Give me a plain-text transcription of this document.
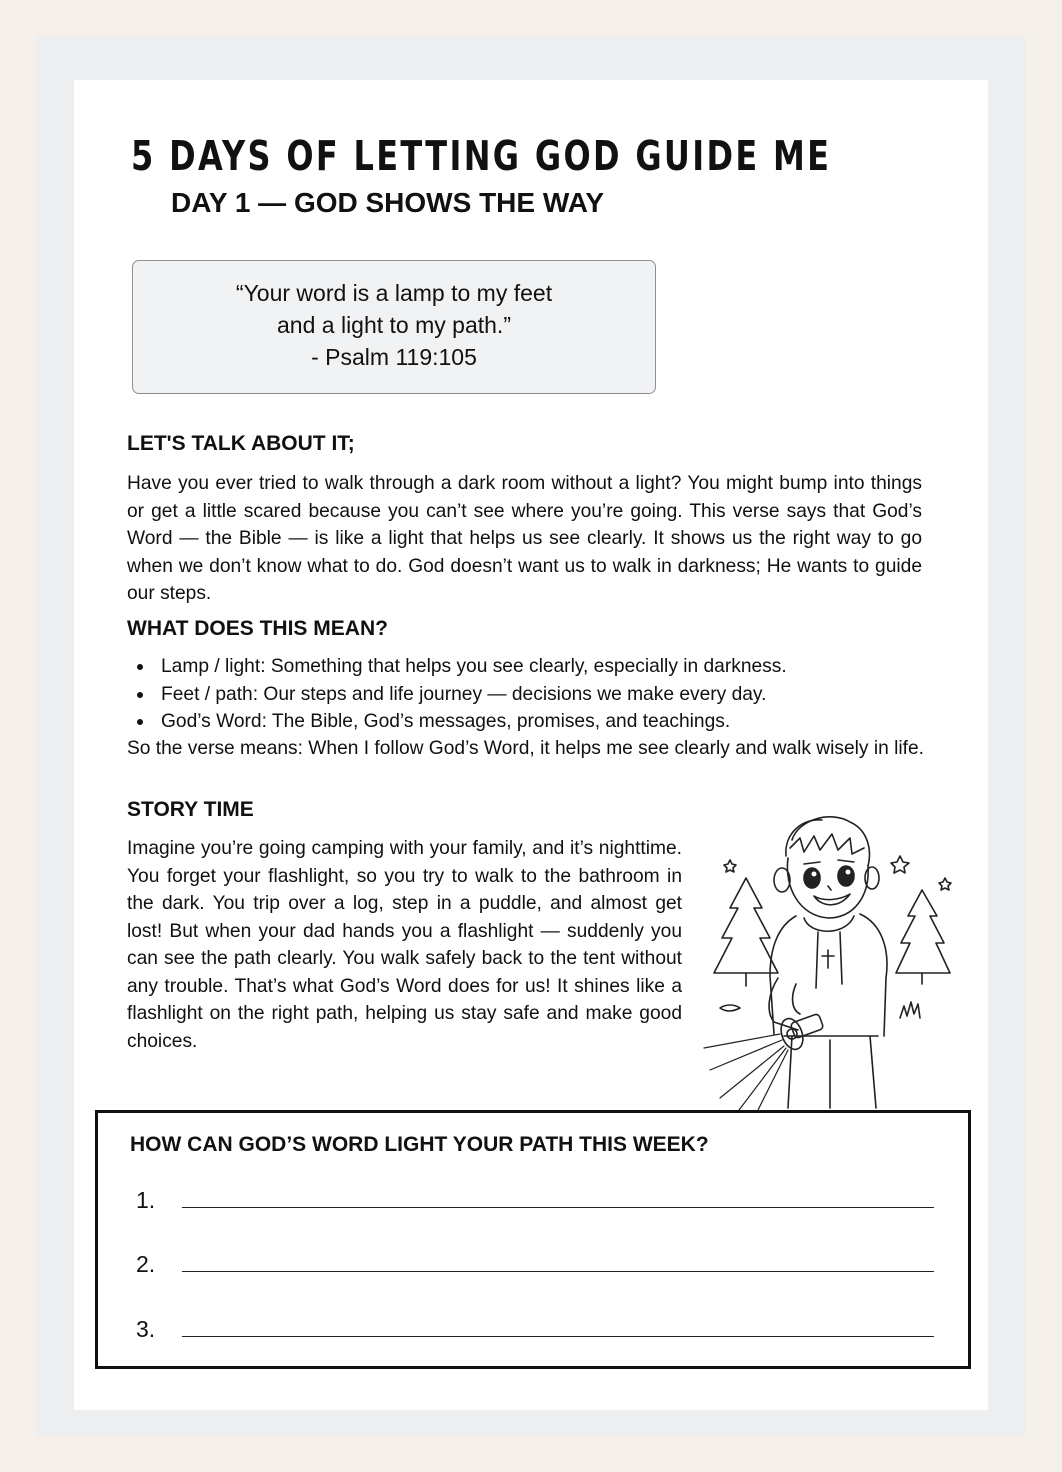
5 DAYS OF LETTING GOD GUIDE ME
DAY 1 — GOD SHOWS THE WAY
“Your word is a lamp to my feet
and a light to my path.”
- Psalm 119:105
LET'S TALK ABOUT IT;

Have you ever tried to walk through a dark room without a light? You might bump into things or get a little scared because you can’t see where you’re going. This verse says that God’s Word — the Bible — is like a light that helps us see clearly. It shows us the right way to go when we don’t know what to do. God doesn’t want us to walk in darkness; He wants to guide our steps.

WHAT DOES THIS MEAN?
Lamp / light: Something that helps you see clearly, especially in darkness.
Feet / path: Our steps and life journey — decisions we make every day.
God’s Word: The Bible, God’s messages, promises, and teachings.

So the verse means: When I follow God’s Word, it helps me see clearly and walk wisely in life.

STORY TIME

Imagine you’re going camping with your family, and it’s nighttime. You forget your flashlight, so you try to walk to the bathroom in the dark. You trip over a log, step in a puddle, and almost get lost! But when your dad hands you a flashlight — suddenly you can see the path clearly. You walk safely back to the tent without any trouble. That’s what God’s Word does for us! It shines like a flashlight on the right path, helping us stay safe and make good choices.

HOW CAN GOD’S WORD LIGHT YOUR PATH THIS WEEK?
1.
2.
3.
